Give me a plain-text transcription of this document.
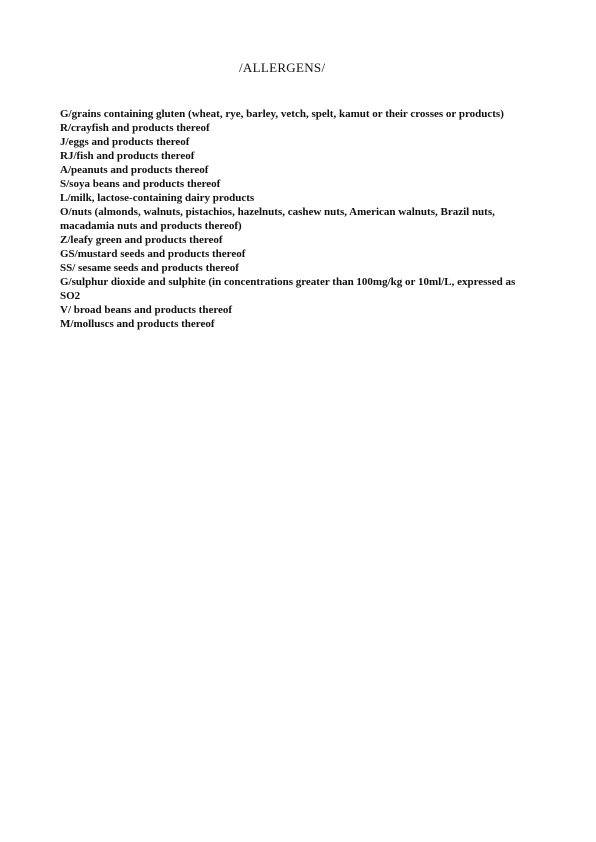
/ALLERGENS/
G/grains containing gluten (wheat, rye, barley, vetch, spelt, kamut or their crosses or products)
R/crayfish and products thereof
J/eggs and products thereof
RJ/fish and products thereof
A/peanuts and products thereof
S/soya beans and products thereof
L/milk, lactose-containing dairy products
O/nuts (almonds, walnuts, pistachios, hazelnuts, cashew nuts, American walnuts, Brazil nuts, macadamia nuts and products thereof)
Z/leafy green and products thereof
GS/mustard seeds and products thereof
SS/ sesame seeds and products thereof
G/sulphur dioxide and sulphite (in concentrations greater than 100mg/kg or 10ml/L, expressed as SO2
V/ broad beans and products thereof
M/molluscs and products thereof
